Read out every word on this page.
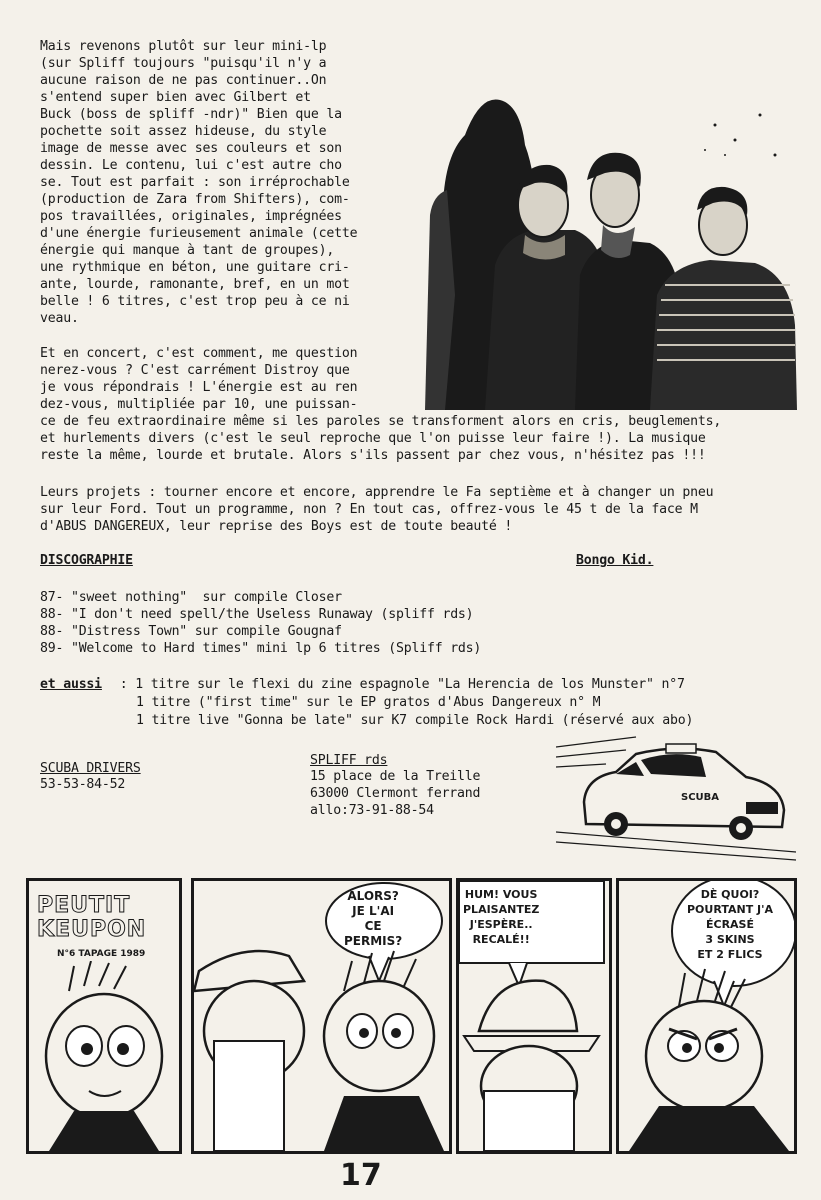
Mais revenons plutôt sur leur mini-lp
(sur Spliff toujours "puisqu'il n'y a
aucune raison de ne pas continuer..On
s'entend super bien avec Gilbert et
Buck (boss de spliff -ndr)" Bien que la
pochette soit assez hideuse, du style
image de messe avec ses couleurs et son
dessin. Le contenu, lui c'est autre cho
se. Tout est parfait : son irréprochable
(production de Zara from Shifters), com-
pos travaillées, originales, imprégnées
d'une énergie furieusement animale (cette
énergie qui manque à tant de groupes),
une rythmique en béton, une guitare cri-
ante, lourde, ramonante, bref, en un mot
belle ! 6 titres, c'est trop peu à ce ni
veau.
Et en concert, c'est comment, me question
nerez-vous ? C'est carrément Distroy que
je vous répondrais ! L'énergie est au ren
dez-vous, multipliée par 10, une puissan-
ce de feu extraordinaire même si les paroles se transforment alors en cris, beuglements,
et hurlements divers (c'est le seul reproche que l'on puisse leur faire !). La musique
reste la même, lourde et brutale. Alors s'ils passent par chez vous, n'hésitez pas !!!
Leurs projets : tourner encore et encore, apprendre le Fa septième et à changer un pneu
sur leur Ford. Tout un programme, non ? En tout cas, offrez-vous le 45 t de la face M
d'ABUS DANGEREUX, leur reprise des Boys est de toute beauté !
DISCOGRAPHIE	Bongo Kid.
87- "sweet nothing"  sur compile Closer
88- "I don't need spell/the Useless Runaway (spliff rds)
88- "Distress Town" sur compile Gougnaf
89- "Welcome to Hard times" mini lp 6 titres (Spliff rds)
et aussi : 1 titre sur le flexi du zine espagnole "La Herencia de los Munster" n°7
1 titre ("first time" sur le EP gratos d'Abus Dangereux n° M
1 titre live "Gonna be late" sur K7 compile Rock Hardi (réservé aux abo)
SCUBA DRIVERS
53-53-84-52
SPLIFF rds
15 place de la Treille
63000 Clermont ferrand
allo:73-91-88-54
SCUBA
PEUTIT
KEUPON
N°6 TAPAGE 1989
ALORS?
JE L'AI
CE
PERMIS?
HUM! VOUS
PLAISANTEZ
J'ESPÈRE..
RECALÉ!!
DÈ QUOI?
POURTANT J'A
ÉCRASÉ
3 SKINS
ET 2 FLICS
17
